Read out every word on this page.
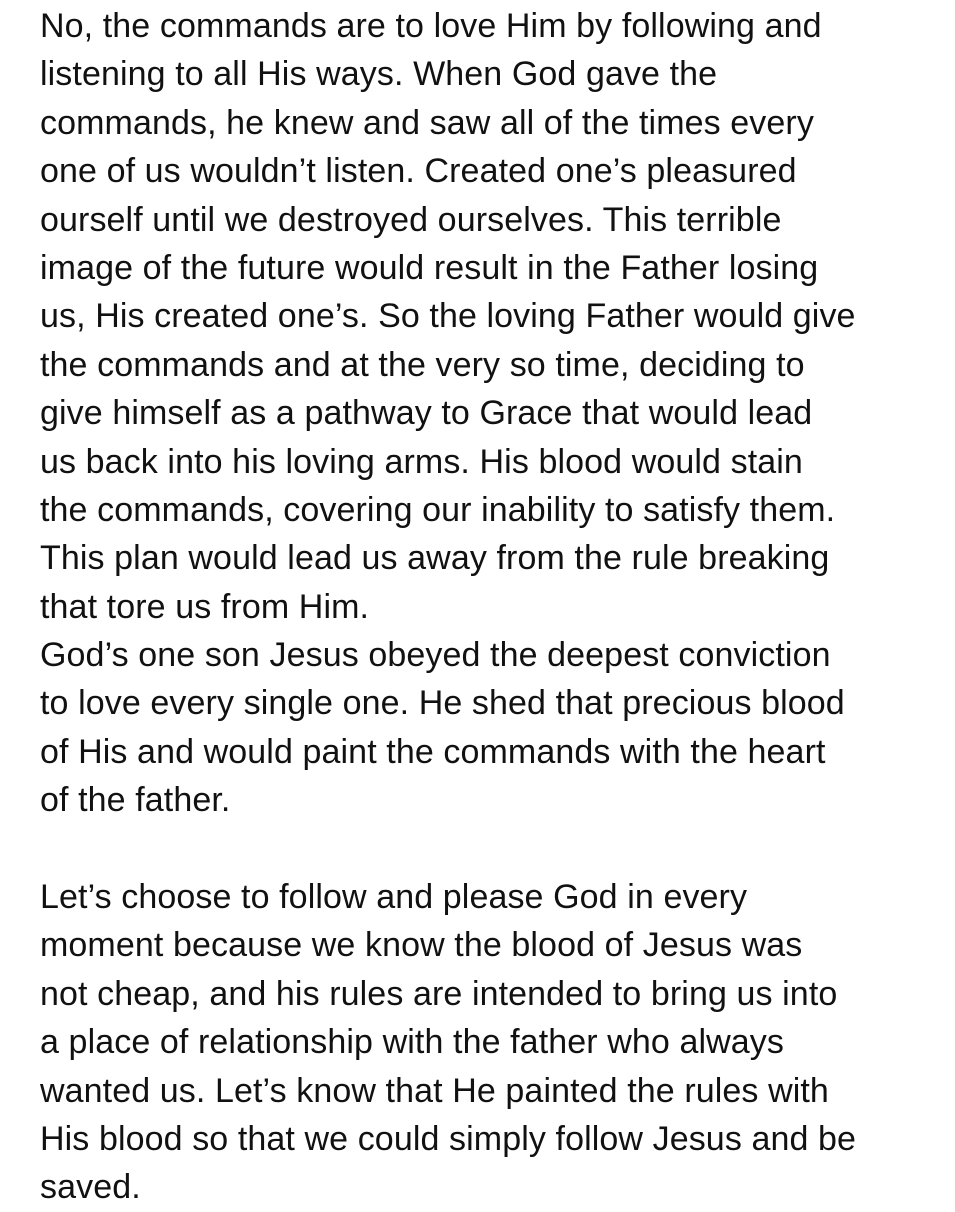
No, the commands are to love Him by following and
listening to all His ways. When God gave the
commands, he knew and saw all of the times every
one of us wouldn’t listen. Created one’s pleasured
ourself until we destroyed ourselves. This terrible
image of the future would result in the Father losing
us, His created one’s. So the loving Father would give
the commands and at the very so time, deciding to
give himself as a pathway to Grace that would lead
us back into his loving arms. His blood would stain
the commands, covering our inability to satisfy them.
This plan would lead us away from the rule breaking
that tore us from Him.
God’s one son Jesus obeyed the deepest conviction
to love every single one. He shed that precious blood
of His and would paint the commands with the heart
of the father.
Let’s choose to follow and please God in every
moment because we know the blood of Jesus was
not cheap, and his rules are intended to bring us into
a place of relationship with the father who always
wanted us. Let’s know that He painted the rules with
His blood so that we could simply follow Jesus and be
saved.
